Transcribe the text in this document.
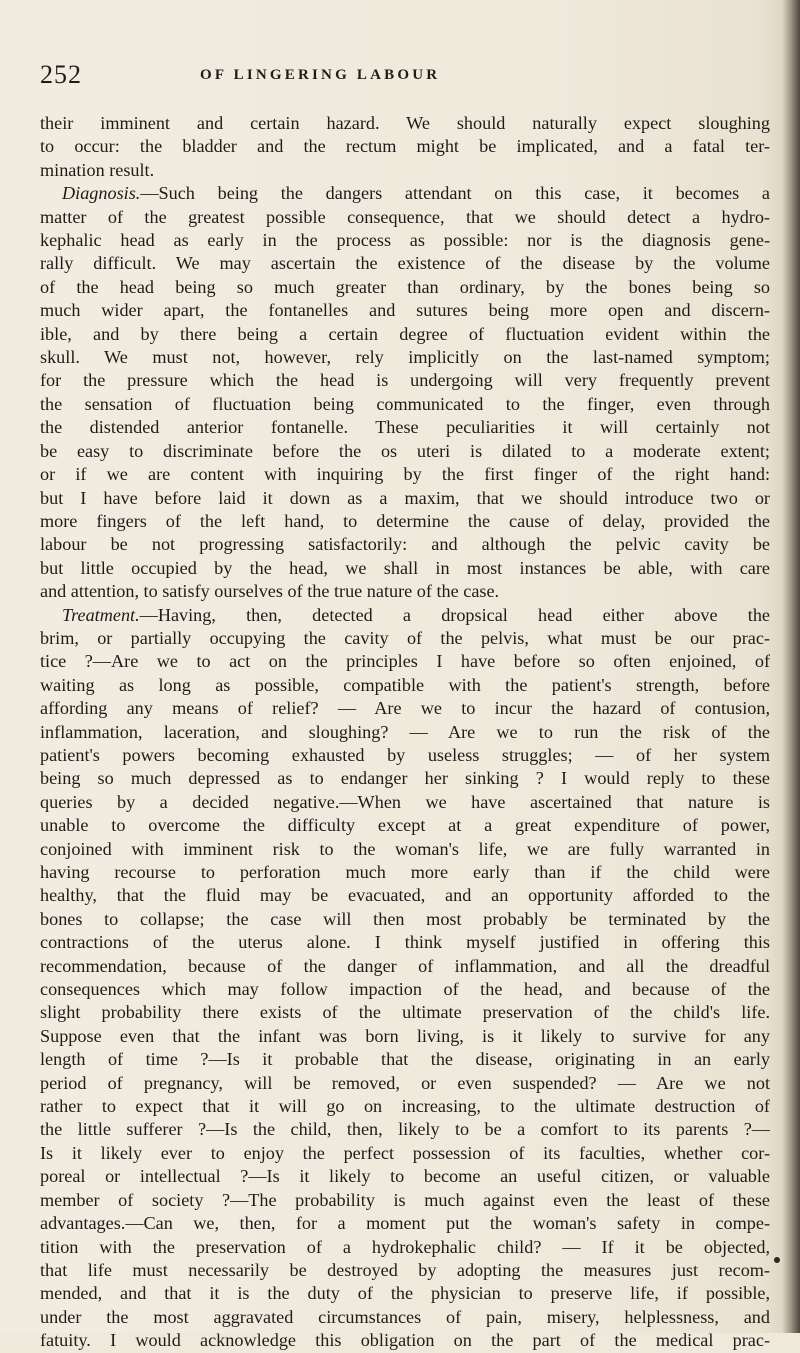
252	OF LINGERING LABOUR
their imminent and certain hazard. We should naturally expect sloughing
to occur: the bladder and the rectum might be implicated, and a fatal ter-
mination result.
Diagnosis.—Such being the dangers attendant on this case, it becomes a
matter of the greatest possible consequence, that we should detect a hydro-
kephalic head as early in the process as possible: nor is the diagnosis gene-
rally difficult. We may ascertain the existence of the disease by the volume
of the head being so much greater than ordinary, by the bones being so
much wider apart, the fontanelles and sutures being more open and discern-
ible, and by there being a certain degree of fluctuation evident within the
skull. We must not, however, rely implicitly on the last-named symptom;
for the pressure which the head is undergoing will very frequently prevent
the sensation of fluctuation being communicated to the finger, even through
the distended anterior fontanelle. These peculiarities it will certainly not
be easy to discriminate before the os uteri is dilated to a moderate extent;
or if we are content with inquiring by the first finger of the right hand:
but I have before laid it down as a maxim, that we should introduce two or
more fingers of the left hand, to determine the cause of delay, provided the
labour be not progressing satisfactorily: and although the pelvic cavity be
but little occupied by the head, we shall in most instances be able, with care
and attention, to satisfy ourselves of the true nature of the case.
Treatment.—Having, then, detected a dropsical head either above the
brim, or partially occupying the cavity of the pelvis, what must be our prac-
tice ?—Are we to act on the principles I have before so often enjoined, of
waiting as long as possible, compatible with the patient's strength, before
affording any means of relief? — Are we to incur the hazard of contusion,
inflammation, laceration, and sloughing? — Are we to run the risk of the
patient's powers becoming exhausted by useless struggles; — of her system
being so much depressed as to endanger her sinking ? I would reply to these
queries by a decided negative.—When we have ascertained that nature is
unable to overcome the difficulty except at a great expenditure of power,
conjoined with imminent risk to the woman's life, we are fully warranted in
having recourse to perforation much more early than if the child were
healthy, that the fluid may be evacuated, and an opportunity afforded to the
bones to collapse; the case will then most probably be terminated by the
contractions of the uterus alone. I think myself justified in offering this
recommendation, because of the danger of inflammation, and all the dreadful
consequences which may follow impaction of the head, and because of the
slight probability there exists of the ultimate preservation of the child's life.
Suppose even that the infant was born living, is it likely to survive for any
length of time ?—Is it probable that the disease, originating in an early
period of pregnancy, will be removed, or even suspended? — Are we not
rather to expect that it will go on increasing, to the ultimate destruction of
the little sufferer ?—Is the child, then, likely to be a comfort to its parents ?—
Is it likely ever to enjoy the perfect possession of its faculties, whether cor-
poreal or intellectual ?—Is it likely to become an useful citizen, or valuable
member of society ?—The probability is much against even the least of these
advantages.—Can we, then, for a moment put the woman's safety in compe-
tition with the preservation of a hydrokephalic child? — If it be objected,
that life must necessarily be destroyed by adopting the measures just recom-
mended, and that it is the duty of the physician to preserve life, if possible,
under the most aggravated circumstances of pain, misery, helplessness, and
fatuity. I would acknowledge this obligation on the part of the medical prac-
